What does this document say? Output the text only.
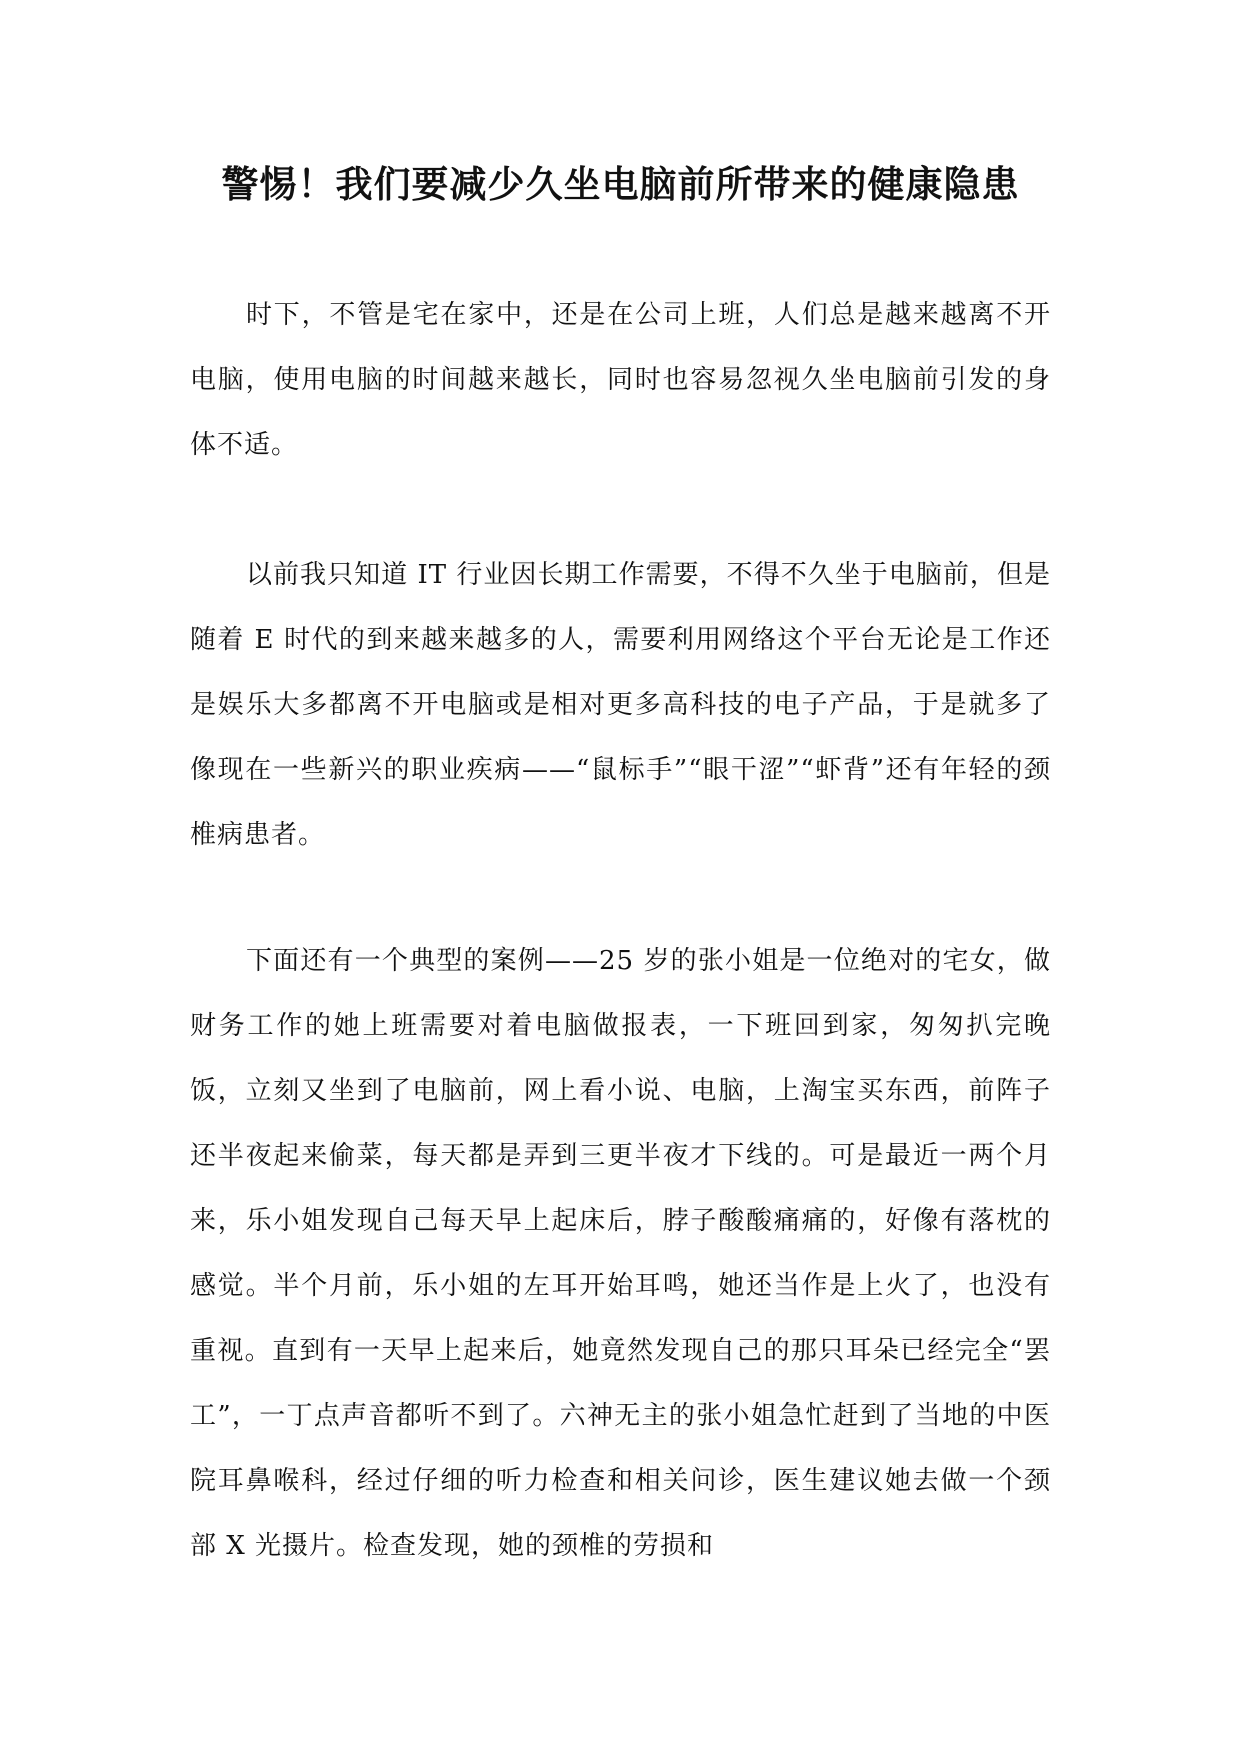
警惕！我们要减少久坐电脑前所带来的健康隐患

时下，不管是宅在家中，还是在公司上班，人们总是越来越离不开电脑，使用电脑的时间越来越长，同时也容易忽视久坐电脑前引发的身体不适。

以前我只知道 IT 行业因长期工作需要，不得不久坐于电脑前，但是随着 E 时代的到来越来越多的人，需要利用网络这个平台无论是工作还是娱乐大多都离不开电脑或是相对更多高科技的电子产品，于是就多了像现在一些新兴的职业疾病——“鼠标手”“眼干涩”“虾背”还有年轻的颈椎病患者。

下面还有一个典型的案例——25 岁的张小姐是一位绝对的宅女，做财务工作的她上班需要对着电脑做报表，一下班回到家，匆匆扒完晚饭，立刻又坐到了电脑前，网上看小说、电脑，上淘宝买东西，前阵子还半夜起来偷菜，每天都是弄到三更半夜才下线的。可是最近一两个月来，乐小姐发现自己每天早上起床后，脖子酸酸痛痛的，好像有落枕的感觉。半个月前，乐小姐的左耳开始耳鸣，她还当作是上火了，也没有重视。直到有一天早上起来后，她竟然发现自己的那只耳朵已经完全“罢工”，一丁点声音都听不到了。六神无主的张小姐急忙赶到了当地的中医院耳鼻喉科，经过仔细的听力检查和相关问诊，医生建议她去做一个颈部 X 光摄片。检查发现，她的颈椎的劳损和
